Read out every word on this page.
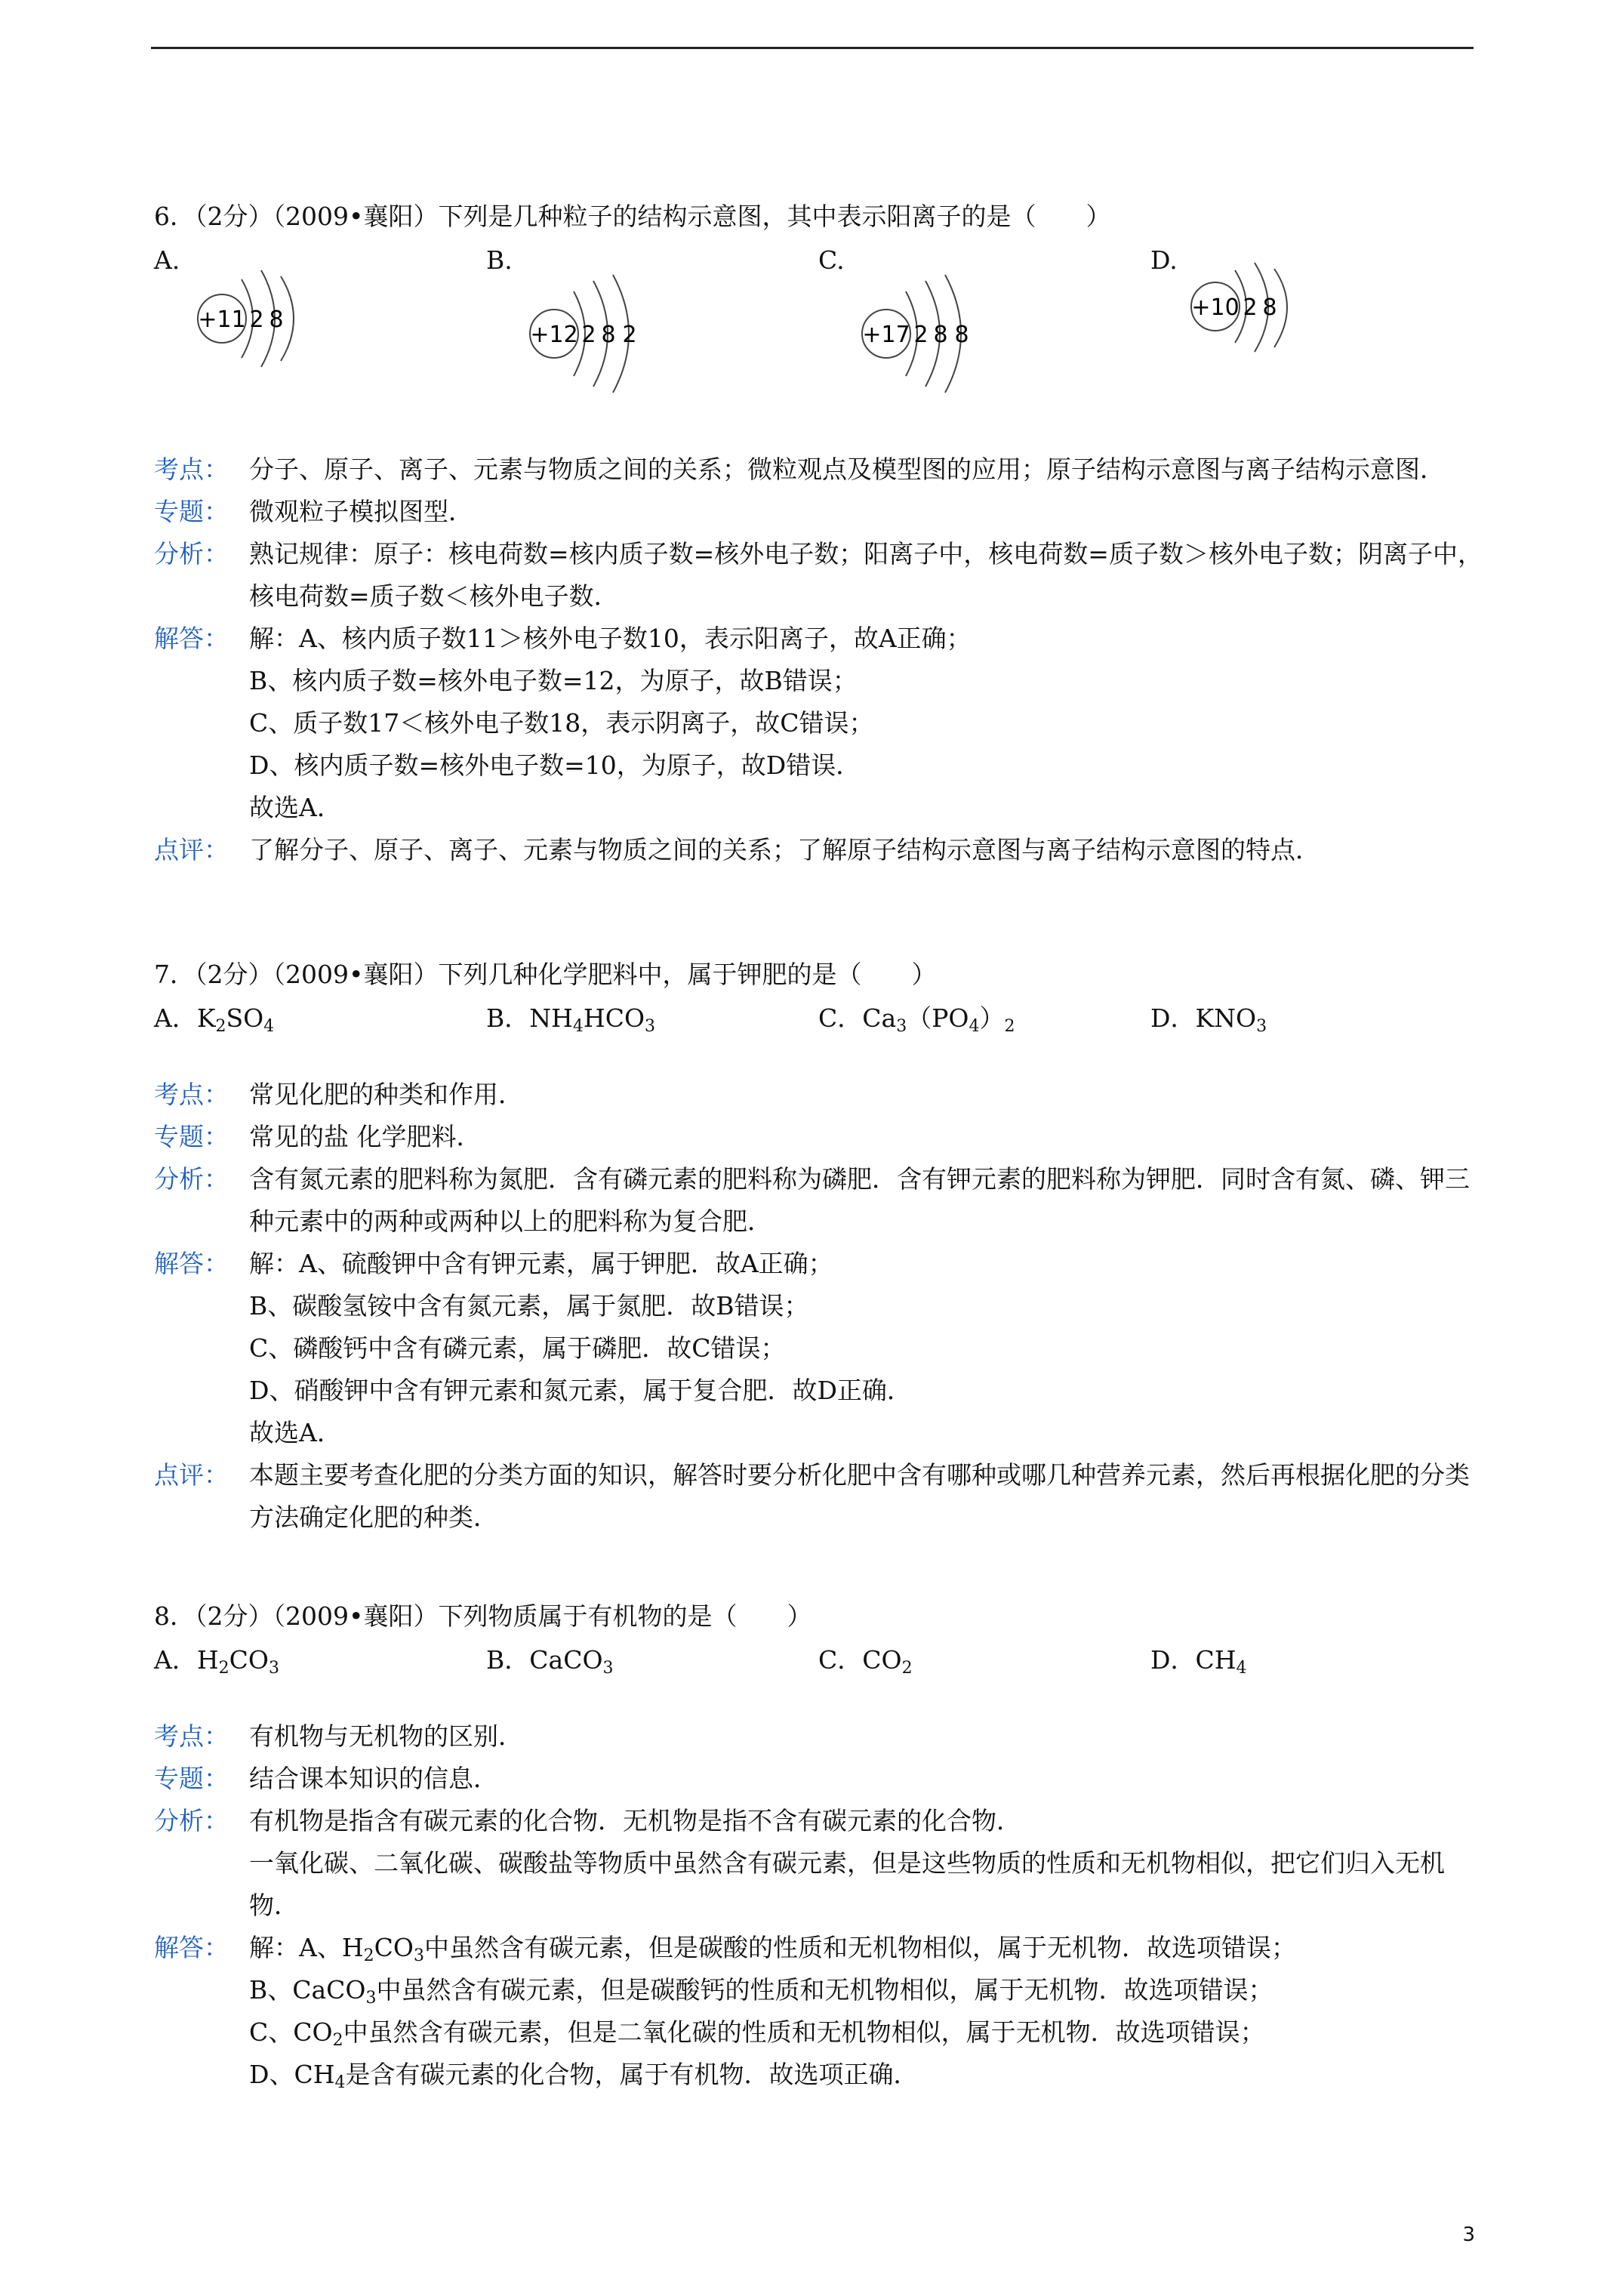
6．（2分）（2009•襄阳）下列是几种粒子的结构示意图，其中表示阳离子的是（　　）
A.	B.	C.	D.
+11 2 8
+12 2 8 2	+17 2 8 8
+10 2 8
考点： 分子、原子、离子、元素与物质之间的关系；微粒观点及模型图的应用；原子结构示意图与离子结构示意图．
专题： 微观粒子模拟图型．
分析： 熟记规律：原子：核电荷数=核内质子数=核外电子数；阳离子中，核电荷数=质子数＞核外电子数；阴离子中，核电荷数=质子数＜核外电子数．
解答： 解：A、核内质子数11＞核外电子数10，表示阳离子，故A正确；
B、核内质子数=核外电子数=12，为原子，故B错误；
C、质子数17＜核外电子数18，表示阴离子，故C错误；
D、核内质子数=核外电子数=10，为原子，故D错误．
故选A．
点评： 了解分子、原子、离子、元素与物质之间的关系；了解原子结构示意图与离子结构示意图的特点．
7．（2分）（2009•襄阳）下列几种化学肥料中，属于钾肥的是（　　）
A．$K_2SO_4$	B．$NH_4HCO_3$	C．$Ca_3(PO_4)_2$	D．$KNO_3$
考点： 常见化肥的种类和作用．
专题： 常见的盐 化学肥料．
分析： 含有氮元素的肥料称为氮肥．含有磷元素的肥料称为磷肥．含有钾元素的肥料称为钾肥．同时含有氮、磷、钾三种元素中的两种或两种以上的肥料称为复合肥．
解答： 解：A、硫酸钾中含有钾元素，属于钾肥．故A正确；
B、碳酸氢铵中含有氮元素，属于氮肥．故B错误；
C、磷酸钙中含有磷元素，属于磷肥．故C错误；
D、硝酸钾中含有钾元素和氮元素，属于复合肥．故D正确．
故选A．
点评： 本题主要考查化肥的分类方面的知识，解答时要分析化肥中含有哪种或哪几种营养元素，然后再根据化肥的分类方法确定化肥的种类．
8．（2分）（2009•襄阳）下列物质属于有机物的是（　　）
A．$H_2CO_3$	B．CaCO$_3$	C．$CO_2$	D．$CH_4$
考点： 有机物与无机物的区别．
专题： 结合课本知识的信息．
分析： 有机物是指含有碳元素的化合物．无机物是指不含有碳元素的化合物．
一氧化碳、二氧化碳、碳酸盐等物质中虽然含有碳元素，但是这些物质的性质和无机物相似，把它们归入无机物．
解答： 解：A、$H_2CO_3$中虽然含有碳元素，但是碳酸的性质和无机物相似，属于无机物．故选项错误；
B、CaCO$_3$中虽然含有碳元素，但是碳酸钙的性质和无机物相似，属于无机物．故选项错误；
C、$CO_2$中虽然含有碳元素，但是二氧化碳的性质和无机物相似，属于无机物．故选项错误；
D、$CH_4$是含有碳元素的化合物，属于有机物．故选项正确．
3
